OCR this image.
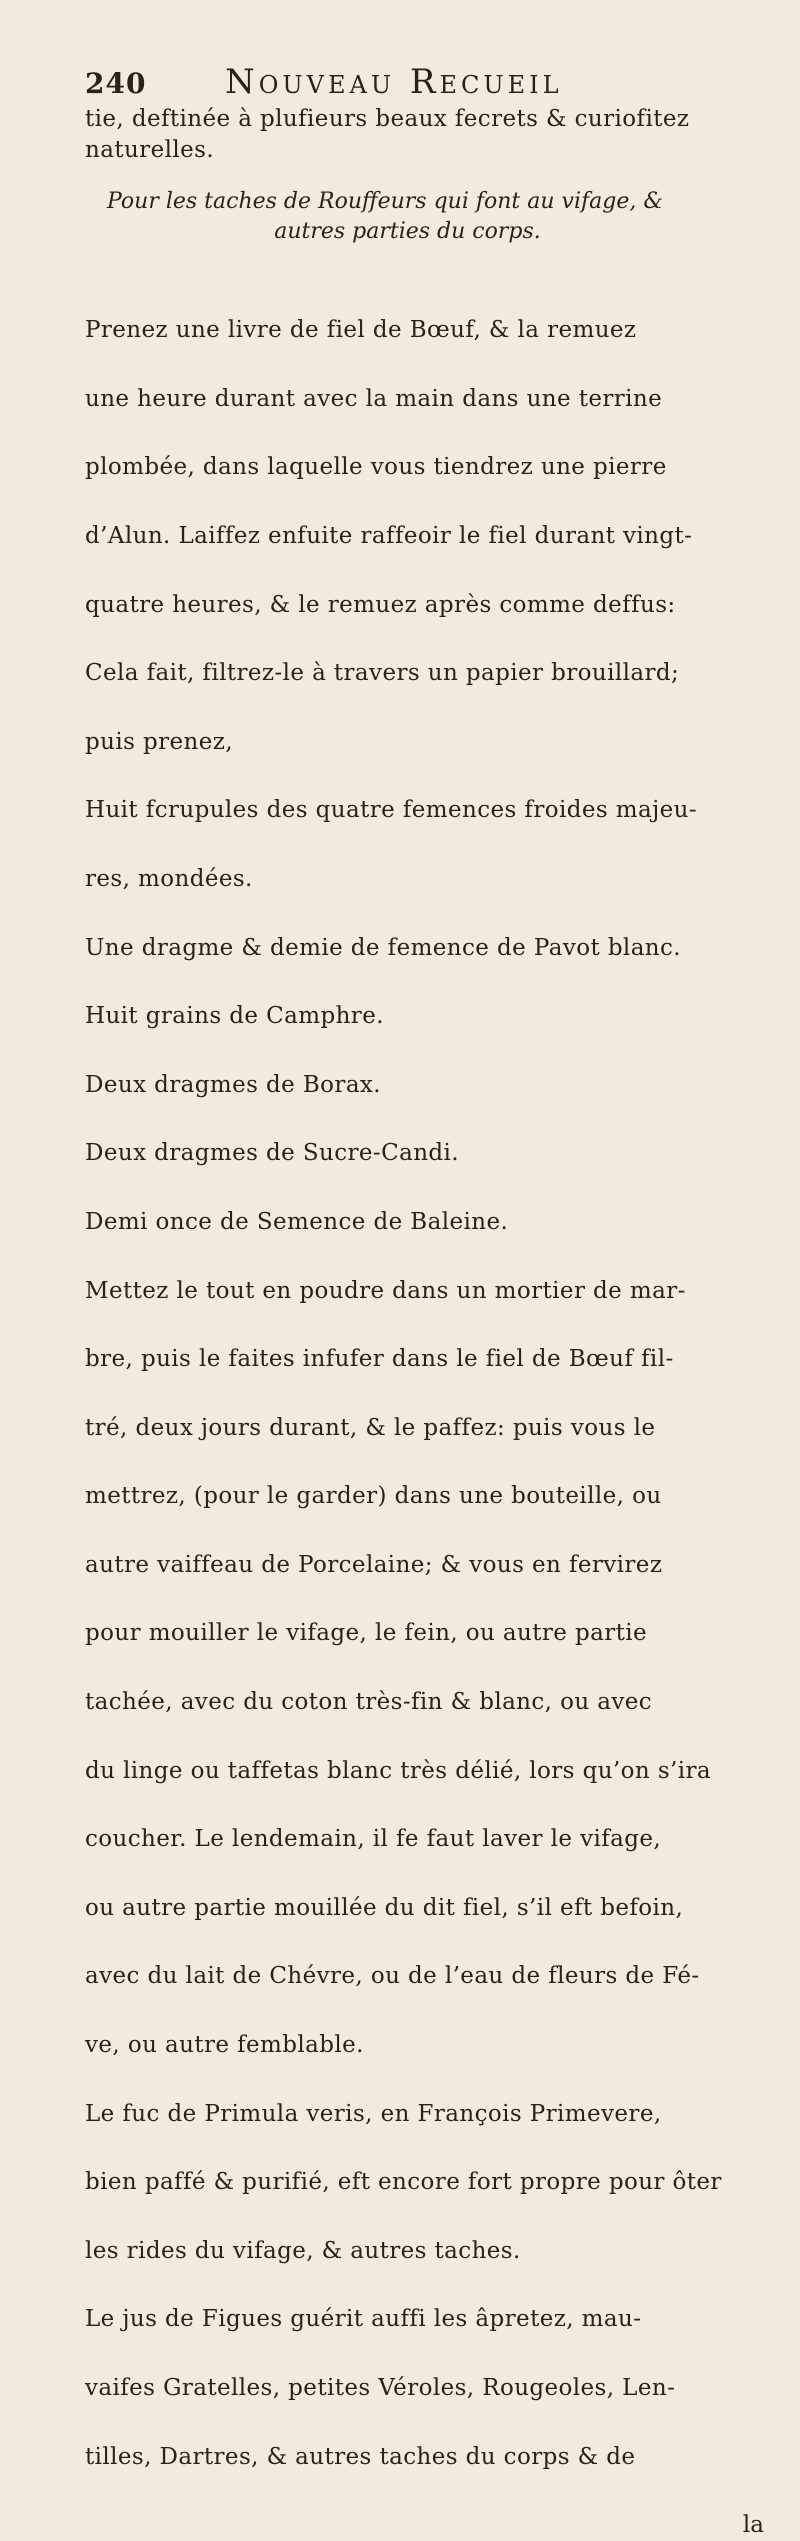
240	Nouveau Recueil
tie, deftinée à plufieurs beaux fecrets & curiofitez
naturelles.
Pour les taches de Rouffeurs qui font au vifage, &
autres parties du corps.

Prenez une livre de fiel de Bœuf, & la remuez

une heure durant avec la main dans une terrine

plombée, dans laquelle vous tiendrez une pierre

d’Alun. Laiffez enfuite raffeoir le fiel durant vingt-

quatre heures, & le remuez après comme deffus:

Cela fait, filtrez-le à travers un papier brouillard;

puis prenez,

Huit fcrupules des quatre femences froides majeu-

res, mondées.

Une dragme & demie de femence de Pavot blanc.

Huit grains de Camphre.

Deux dragmes de Borax.

Deux dragmes de Sucre-Candi.

Demi once de Semence de Baleine.

Mettez le tout en poudre dans un mortier de mar-

bre, puis le faites infufer dans le fiel de Bœuf fil-

tré, deux jours durant, & le paffez: puis vous le

mettrez, (pour le garder) dans une bouteille, ou

autre vaiffeau de Porcelaine; & vous en fervirez

pour mouiller le vifage, le fein, ou autre partie

tachée, avec du coton très-fin & blanc, ou avec

du linge ou taffetas blanc très délié, lors qu’on s’ira

coucher. Le lendemain, il fe faut laver le vifage,

ou autre partie mouillée du dit fiel, s’il eft befoin,

avec du lait de Chévre, ou de l’eau de fleurs de Fé-

ve, ou autre femblable.

Le fuc de Primula veris, en François Primevere,

bien paffé & purifié, eft encore fort propre pour ôter

les rides du vifage, & autres taches.

Le jus de Figues guérit auffi les âpretez, mau-

vaifes Gratelles, petites Véroles, Rougeoles, Len-

tilles, Dartres, & autres taches du corps & de

la
